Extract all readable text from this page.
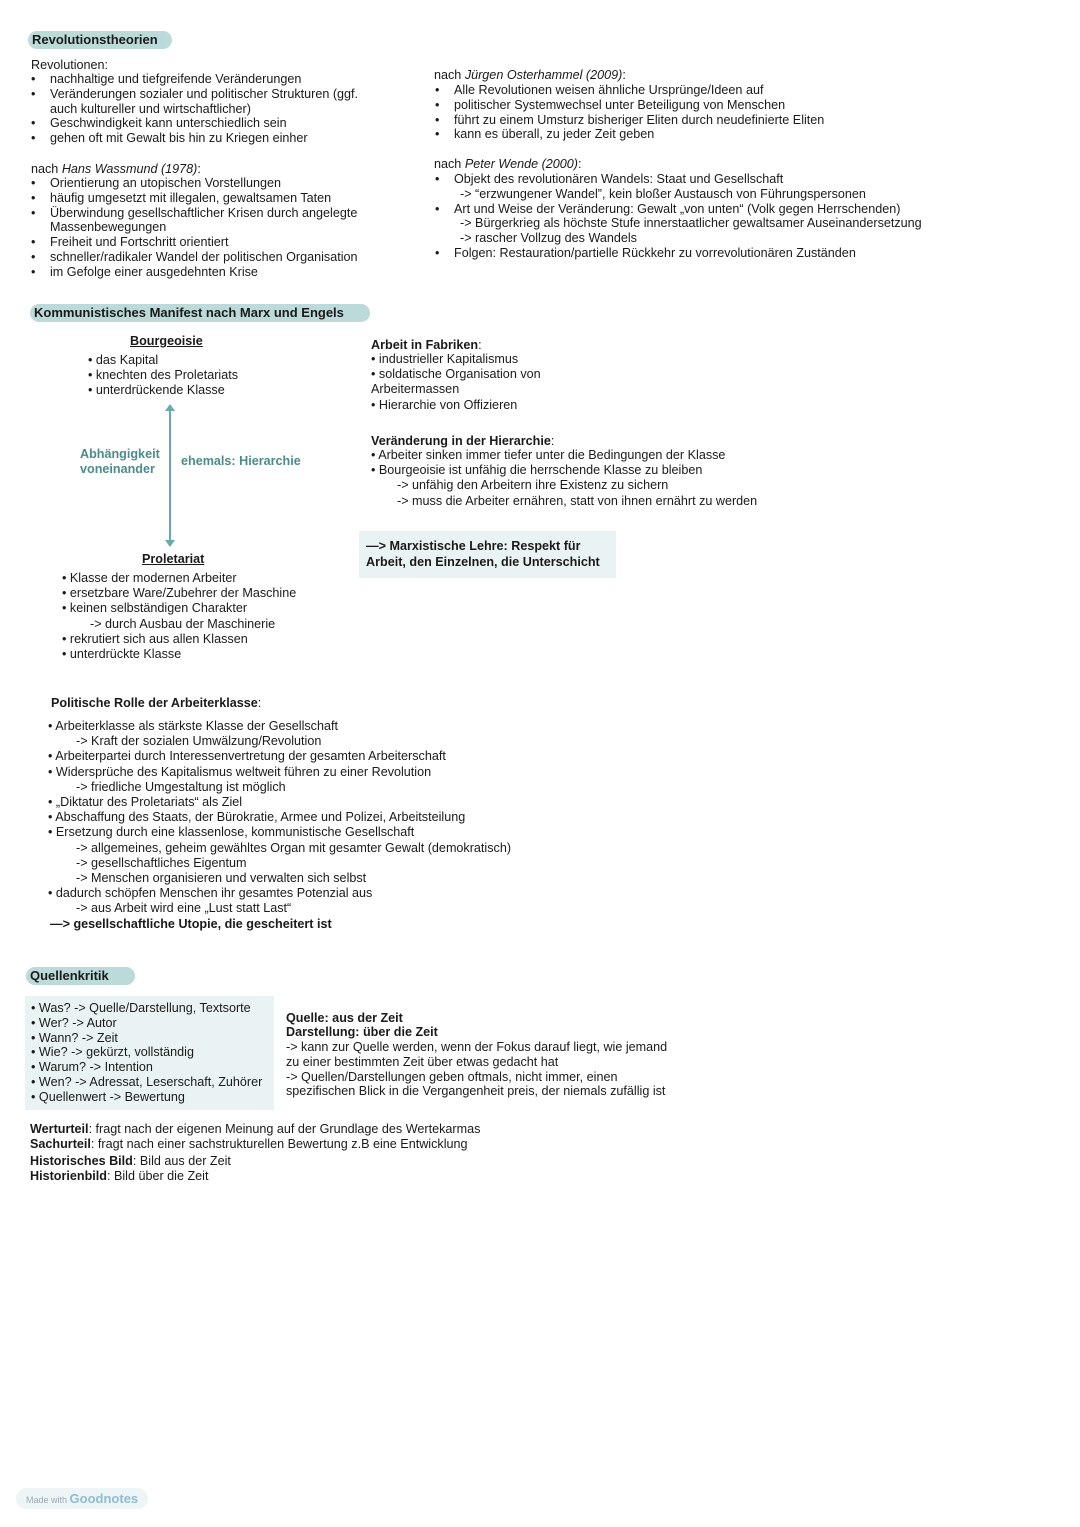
Revolutionstheorien
Revolutionen:
• nachhaltige und tiefgreifende Veränderungen
• Veränderungen sozialer und politischer Strukturen (ggf.
auch kultureller und wirtschaftlicher)
• Geschwindigkeit kann unterschiedlich sein
• gehen oft mit Gewalt bis hin zu Kriegen einher
nach Hans Wassmund (1978):
• Orientierung an utopischen Vorstellungen
• häufig umgesetzt mit illegalen, gewaltsamen Taten
• Überwindung gesellschaftlicher Krisen durch angelegte
Massenbewegungen
• Freiheit und Fortschritt orientiert
• schneller/radikaler Wandel der politischen Organisation
• im Gefolge einer ausgedehnten Krise
nach Jürgen Osterhammel (2009):
• Alle Revolutionen weisen ähnliche Ursprünge/Ideen auf
• politischer Systemwechsel unter Beteiligung von Menschen
• führt zu einem Umsturz bisheriger Eliten durch neudefinierte Eliten
• kann es überall, zu jeder Zeit geben
nach Peter Wende (2000):
• Objekt des revolutionären Wandels: Staat und Gesellschaft
-> “erzwungener Wandel”, kein bloßer Austausch von Führungspersonen
• Art und Weise der Veränderung: Gewalt „von unten“ (Volk gegen Herrschenden)
-> Bürgerkrieg als höchste Stufe innerstaatlicher gewaltsamer Auseinandersetzung
-> rascher Vollzug des Wandels
• Folgen: Restauration/partielle Rückkehr zu vorrevolutionären Zuständen
Kommunistisches Manifest nach Marx und Engels
Bourgeoisie
• das Kapital
• knechten des Proletariats
• unterdrückende Klasse
Abhängigkeit
voneinander
ehemals: Hierarchie
Proletariat
• Klasse der modernen Arbeiter
• ersetzbare Ware/Zubehrer der Maschine
• keinen selbständigen Charakter
-> durch Ausbau der Maschinerie
• rekrutiert sich aus allen Klassen
• unterdrückte Klasse
Arbeit in Fabriken:
• industrieller Kapitalismus
• soldatische Organisation von
Arbeitermassen
• Hierarchie von Offizieren
Veränderung in der Hierarchie:
• Arbeiter sinken immer tiefer unter die Bedingungen der Klasse
• Bourgeoisie ist unfähig die herrschende Klasse zu bleiben
-> unfähig den Arbeitern ihre Existenz zu sichern
-> muss die Arbeiter ernähren, statt von ihnen ernährt zu werden
—> Marxistische Lehre: Respekt für
Arbeit, den Einzelnen, die Unterschicht
Politische Rolle der Arbeiterklasse:
• Arbeiterklasse als stärkste Klasse der Gesellschaft
-> Kraft der sozialen Umwälzung/Revolution
• Arbeiterpartei durch Interessenvertretung der gesamten Arbeiterschaft
• Widersprüche des Kapitalismus weltweit führen zu einer Revolution
-> friedliche Umgestaltung ist möglich
• „Diktatur des Proletariats“ als Ziel
• Abschaffung des Staats, der Bürokratie, Armee und Polizei, Arbeitsteilung
• Ersetzung durch eine klassenlose, kommunistische Gesellschaft
-> allgemeines, geheim gewähltes Organ mit gesamter Gewalt (demokratisch)
-> gesellschaftliches Eigentum
-> Menschen organisieren und verwalten sich selbst
• dadurch schöpfen Menschen ihr gesamtes Potenzial aus
-> aus Arbeit wird eine „Lust statt Last“
—> gesellschaftliche Utopie, die gescheitert ist
Quellenkritik
• Was? -> Quelle/Darstellung, Textsorte
• Wer? -> Autor
• Wann? -> Zeit
• Wie? -> gekürzt, vollständig
• Warum? -> Intention
• Wen? -> Adressat, Leserschaft, Zuhörer
• Quellenwert -> Bewertung
Quelle: aus der Zeit
Darstellung: über die Zeit
-> kann zur Quelle werden, wenn der Fokus darauf liegt, wie jemand
zu einer bestimmten Zeit über etwas gedacht hat
-> Quellen/Darstellungen geben oftmals, nicht immer, einen
spezifischen Blick in die Vergangenheit preis, der niemals zufällig ist
Werturteil: fragt nach der eigenen Meinung auf der Grundlage des Wertekarmas
Sachurteil: fragt nach einer sachstrukturellen Bewertung z.B eine Entwicklung
Historisches Bild: Bild aus der Zeit
Historienbild: Bild über die Zeit
Made with Goodnotes
